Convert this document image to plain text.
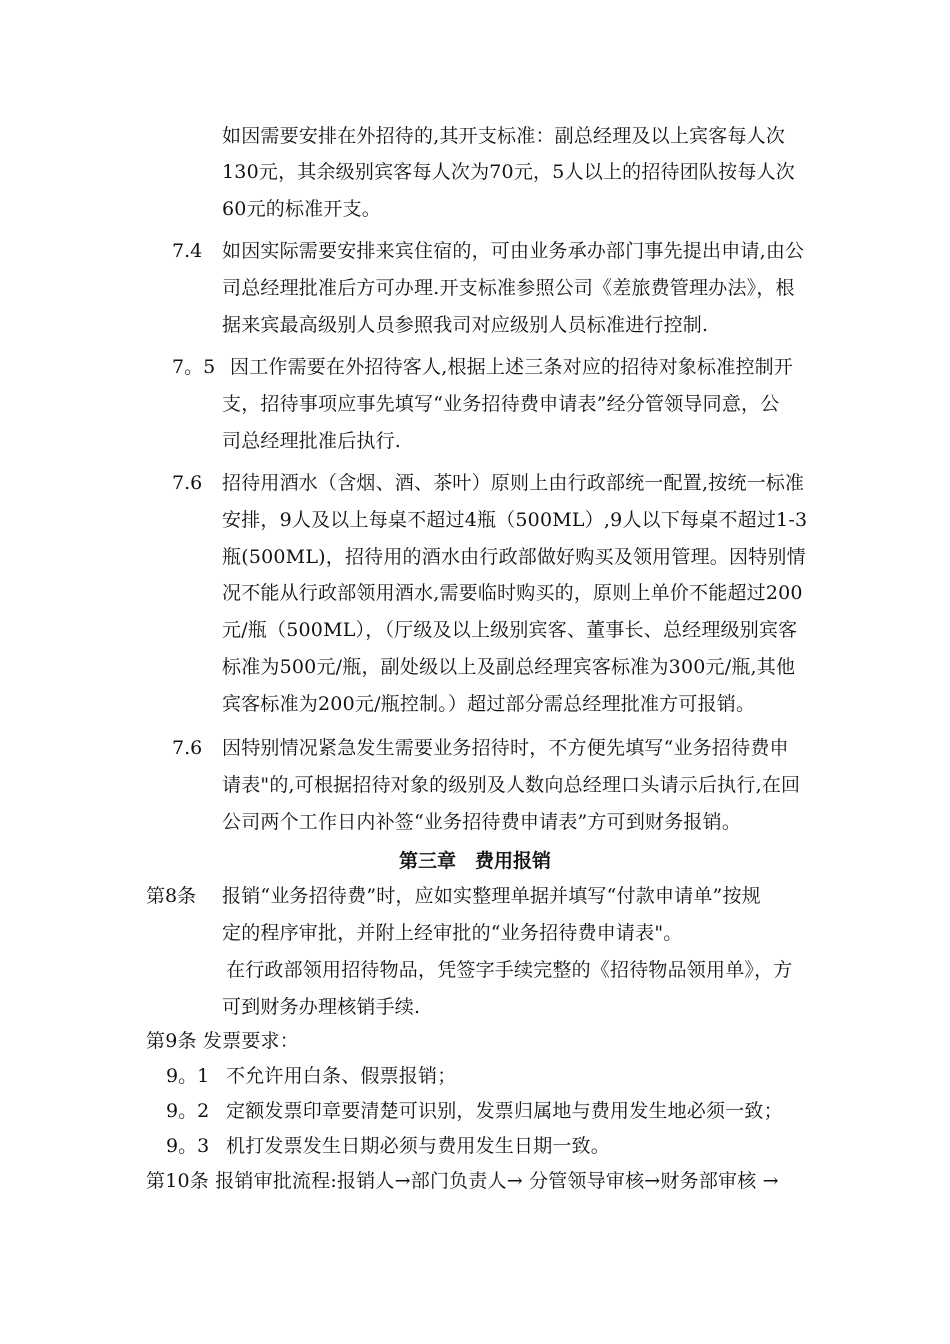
如因需要安排在外招待的,其开支标准：副总经理及以上宾客每人次
130元，其余级别宾客每人次为70元，5人以上的招待团队按每人次
60元的标准开支。
7.4 如因实际需要安排来宾住宿的，可由业务承办部门事先提出申请,由公
司总经理批准后方可办理.开支标准参照公司《差旅费管理办法》，根
据来宾最高级别人员参照我司对应级别人员标准进行控制.
7。5 因工作需要在外招待客人,根据上述三条对应的招待对象标准控制开
支，招待事项应事先填写“业务招待费申请表”经分管领导同意，公
司总经理批准后执行.
7.6 招待用酒水（含烟、酒、茶叶）原则上由行政部统一配置,按统一标准
安排，9人及以上每桌不超过4瓶（500ML）,9人以下每桌不超过1-3
瓶(500ML)，招待用的酒水由行政部做好购买及领用管理。因特别情
况不能从行政部领用酒水,需要临时购买的，原则上单价不能超过200
元/瓶（500ML），（厅级及以上级别宾客、董事长、总经理级别宾客
标准为500元/瓶，副处级以上及副总经理宾客标准为300元/瓶,其他
宾客标准为200元/瓶控制。）超过部分需总经理批准方可报销。
7.6 因特别情况紧急发生需要业务招待时，不方便先填写“业务招待费申
请表"的,可根据招待对象的级别及人数向总经理口头请示后执行,在回
公司两个工作日内补签“业务招待费申请表”方可到财务报销。
第三章　费用报销
第8条 报销“业务招待费”时，应如实整理单据并填写“付款申请单”按规
定的程序审批，并附上经审批的“业务招待费申请表"。
在行政部领用招待物品，凭签字手续完整的《招待物品领用单》，方
可到财务办理核销手续.
第9条 发票要求：
9。1 不允许用白条、假票报销；
9。2 定额发票印章要清楚可识别，发票归属地与费用发生地必须一致；
9。3 机打发票发生日期必须与费用发生日期一致。
第10条 报销审批流程:报销人→部门负责人→ 分管领导审核→财务部审核 →
